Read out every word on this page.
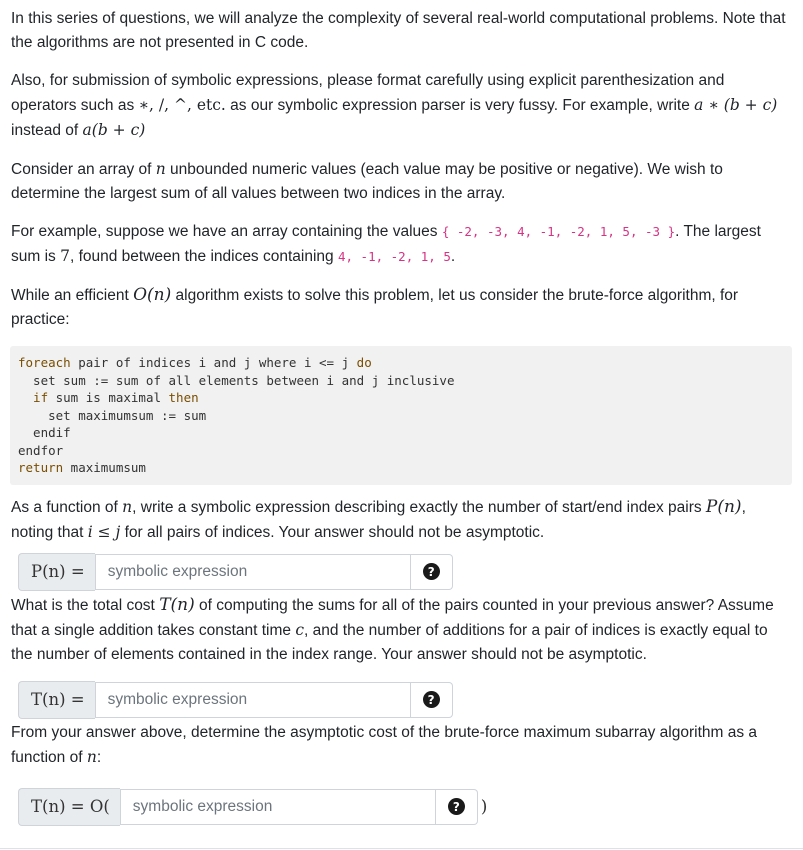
In this series of questions, we will analyze the complexity of several real-world computational problems. Note that the algorithms are not presented in C code.

Also, for submission of symbolic expressions, please format carefully using explicit parenthesization and operators such as ∗, /, ^, etc. as our symbolic expression parser is very fussy. For example, write a ∗ (b + c)
instead of a(b + c)

Consider an array of n unbounded numeric values (each value may be positive or negative). We wish to determine the largest sum of all values between two indices in the array.

For example, suppose we have an array containing the values { -2, -3, 4, -1, -2, 1, 5, -3 }. The largest sum is 7, found between the indices containing 4, -1, -2, 1, 5.

While an efficient O(n) algorithm exists to solve this problem, let us consider the brute-force algorithm, for practice:

foreach pair of indices i and j where i <= j do
set sum := sum of all elements between i and j inclusive
if sum is maximal then
set maximumsum := sum
endif
endfor
return maximumsum

As a function of n, write a symbolic expression describing exactly the number of start/end index pairs P(n),
noting that i ≤ j for all pairs of indices. Your answer should not be asymptotic.

P(n) =
symbolic expression	?

What is the total cost T(n) of computing the sums for all of the pairs counted in your previous answer? Assume that a single addition takes constant time c, and the number of additions for a pair of indices is exactly equal to the number of elements contained in the index range. Your answer should not be asymptotic.

T(n) =
symbolic expression	?

From your answer above, determine the asymptotic cost of the brute-force maximum subarray algorithm as a function of n:

T(n) = O(
symbolic expression	? )
